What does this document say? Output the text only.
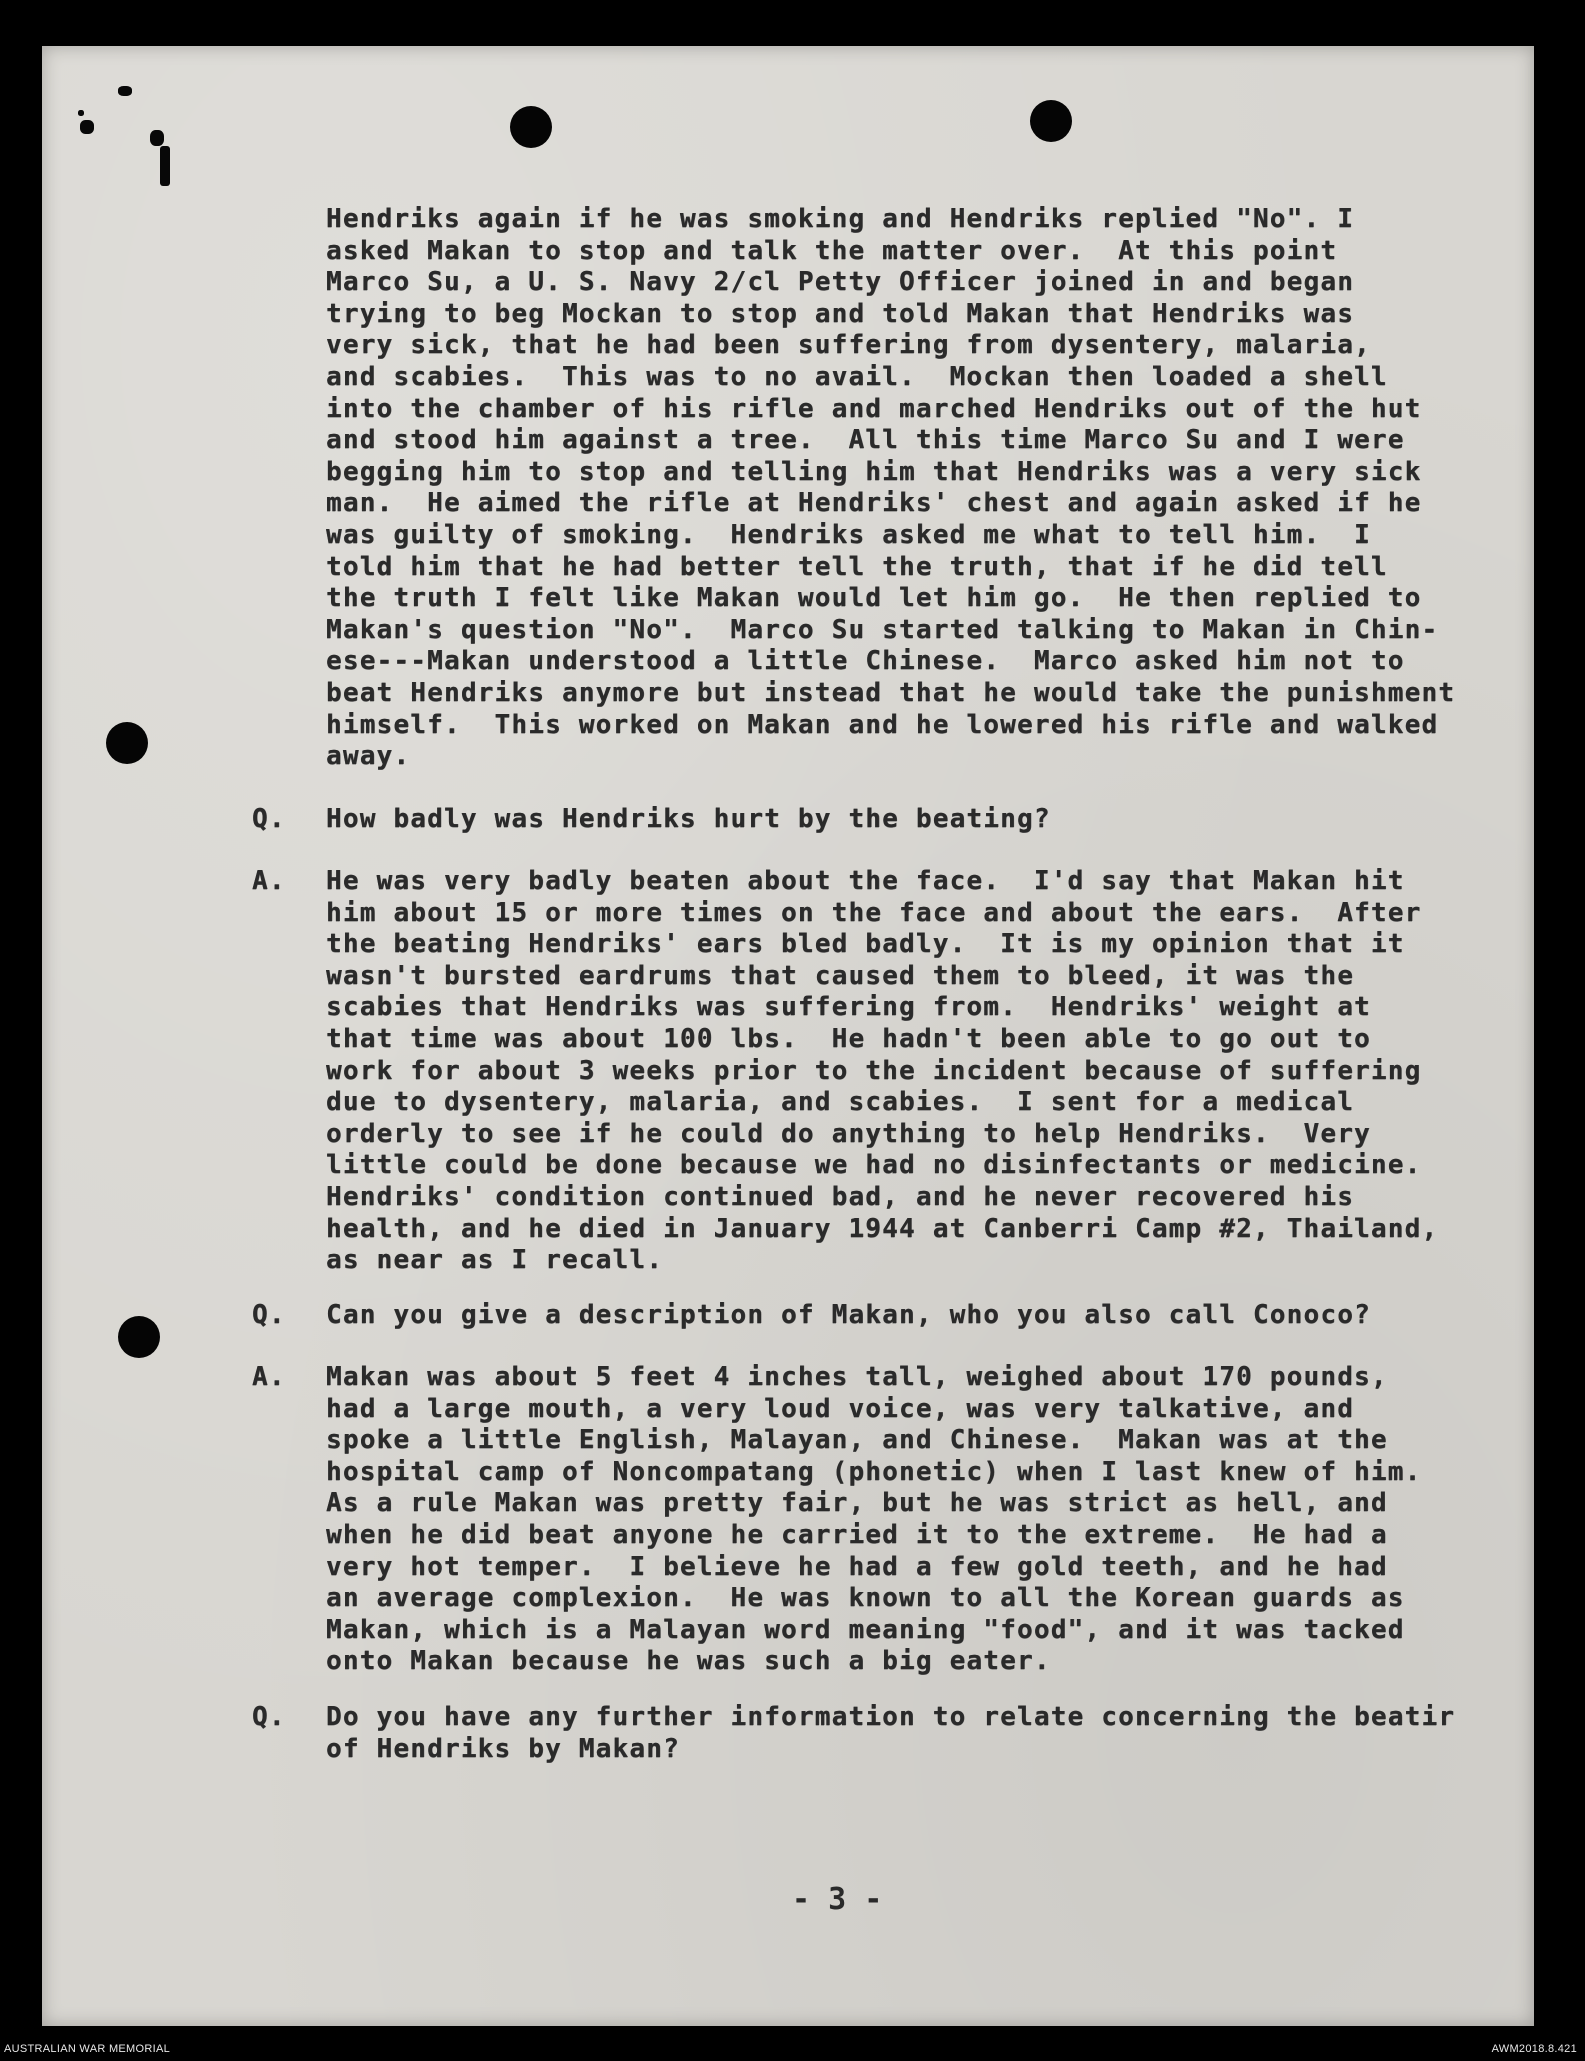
Hendriks again if he was smoking and Hendriks replied "No". I
asked Makan to stop and talk the matter over.  At this point
Marco Su, a U. S. Navy 2/cl Petty Officer joined in and began
trying to beg Mockan to stop and told Makan that Hendriks was
very sick, that he had been suffering from dysentery, malaria,
and scabies.  This was to no avail.  Mockan then loaded a shell
into the chamber of his rifle and marched Hendriks out of the hut
and stood him against a tree.  All this time Marco Su and I were
begging him to stop and telling him that Hendriks was a very sick
man.  He aimed the rifle at Hendriks' chest and again asked if he
was guilty of smoking.  Hendriks asked me what to tell him.  I
told him that he had better tell the truth, that if he did tell
the truth I felt like Makan would let him go.  He then replied to
Makan's question "No".  Marco Su started talking to Makan in Chin-
ese---Makan understood a little Chinese.  Marco asked him not to
beat Hendriks anymore but instead that he would take the punishment
himself.  This worked on Makan and he lowered his rifle and walked
away.
Q. How badly was Hendriks hurt by the beating?
A. He was very badly beaten about the face.  I'd say that Makan hit
him about 15 or more times on the face and about the ears.  After
the beating Hendriks' ears bled badly.  It is my opinion that it
wasn't bursted eardrums that caused them to bleed, it was the
scabies that Hendriks was suffering from.  Hendriks' weight at
that time was about 100 lbs.  He hadn't been able to go out to
work for about 3 weeks prior to the incident because of suffering
due to dysentery, malaria, and scabies.  I sent for a medical
orderly to see if he could do anything to help Hendriks.  Very
little could be done because we had no disinfectants or medicine.
Hendriks' condition continued bad, and he never recovered his
health, and he died in January 1944 at Canberri Camp #2, Thailand,
as near as I recall.
Q. Can you give a description of Makan, who you also call Conoco?
A. Makan was about 5 feet 4 inches tall, weighed about 170 pounds,
had a large mouth, a very loud voice, was very talkative, and
spoke a little English, Malayan, and Chinese.  Makan was at the
hospital camp of Noncompatang (phonetic) when I last knew of him.
As a rule Makan was pretty fair, but he was strict as hell, and
when he did beat anyone he carried it to the extreme.  He had a
very hot temper.  I believe he had a few gold teeth, and he had
an average complexion.  He was known to all the Korean guards as
Makan, which is a Malayan word meaning "food", and it was tacked
onto Makan because he was such a big eater.
Q. Do you have any further information to relate concerning the beatir
of Hendriks by Makan?
- 3 -
AUSTRALIAN WAR MEMORIAL	AWM2018.8.421
